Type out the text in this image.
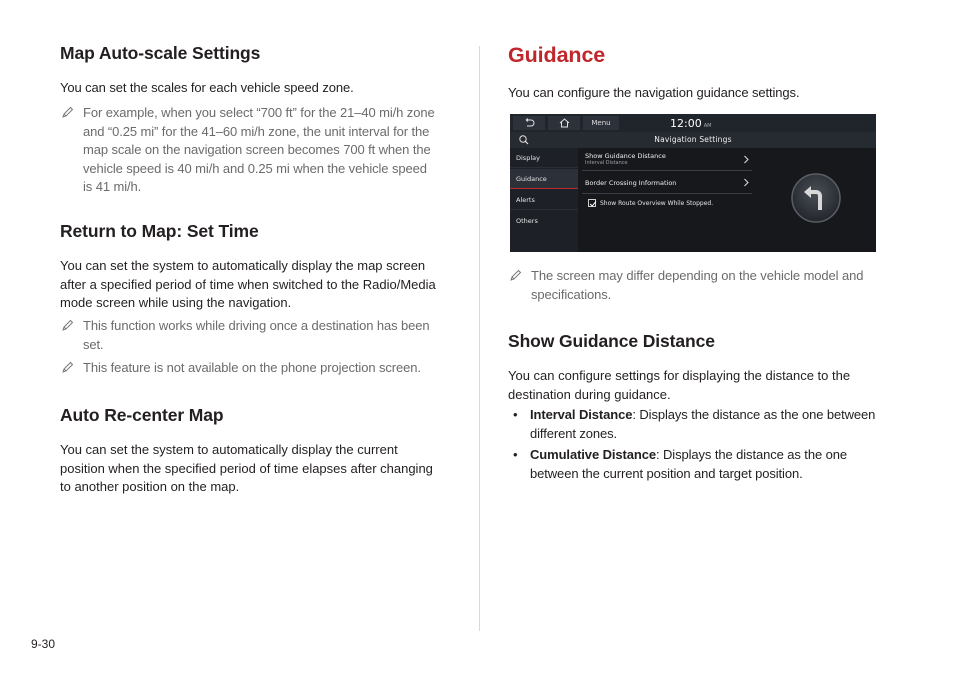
Map Auto-scale Settings

You can set the scales for each vehicle speed zone.

For example, when you select “700 ft” for the 21–40 mi/h zone
and “0.25 mi” for the 41–60 mi/h zone, the unit interval for the
map scale on the navigation screen becomes 700 ft when the
vehicle speed is 40 mi/h and 0.25 mi when the vehicle speed
is 41 mi/h.
Return to Map: Set Time
You can set the system to automatically display the map screen
after a specified period of time when switched to the Radio/Media
mode screen while using the navigation.
This function works while driving once a destination has been
set.
This feature is not available on the phone projection screen.
Auto Re-center Map
You can set the system to automatically display the current
position when the specified period of time elapses after changing
to another position on the map.
Guidance

You can configure the navigation guidance settings.

The screen may differ depending on the vehicle model and
specifications.
Show Guidance Distance
You can configure settings for displaying the distance to the
destination during guidance.
• Interval Distance: Displays the distance as the one between
different zones.
• Cumulative Distance: Displays the distance as the one
between the current position and target position.
Menu	12:00 AM
Navigation Settings
Display
Guidance
Alerts
Others
Show Guidance Distance
Interval Distance
Border Crossing Information
Show Route Overview While Stopped.
9-30
